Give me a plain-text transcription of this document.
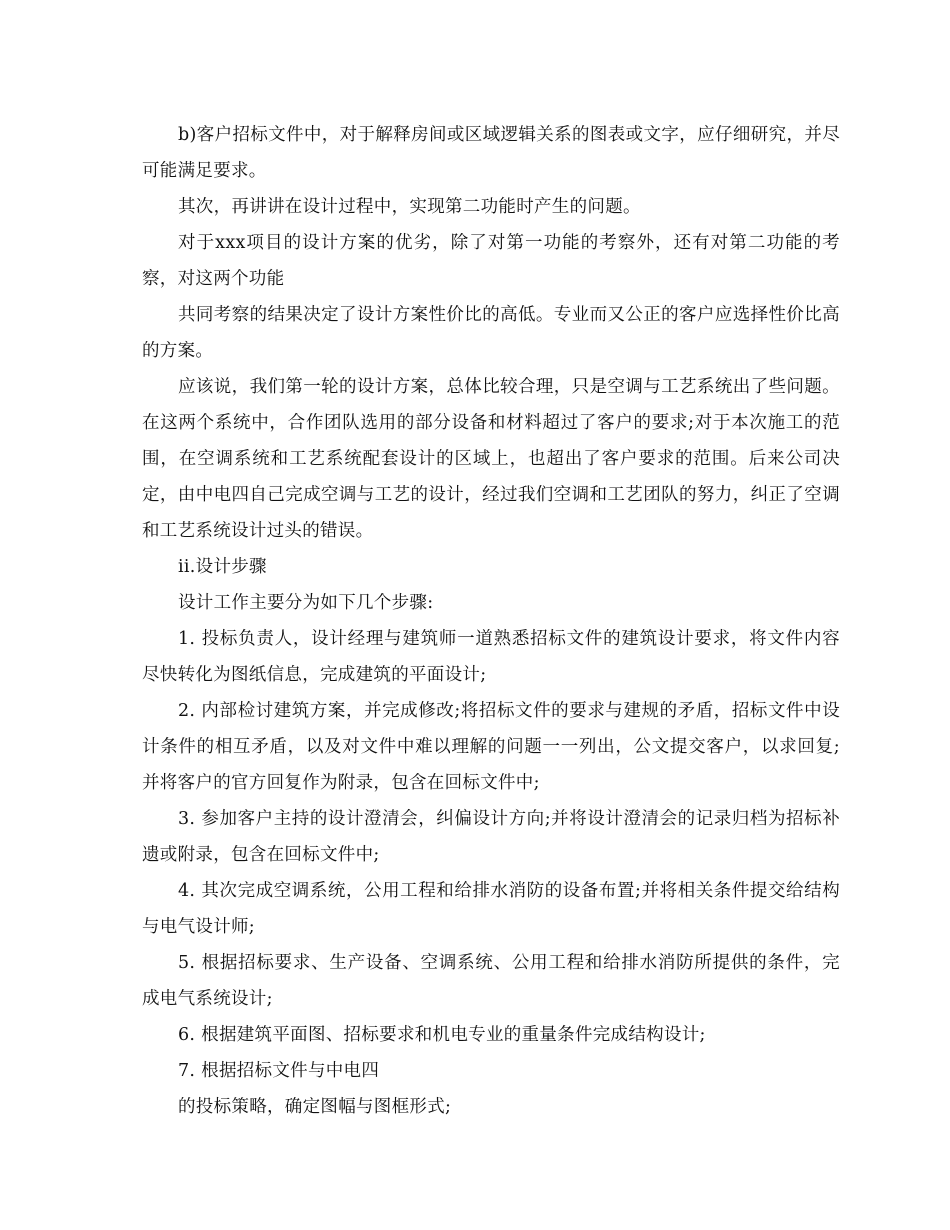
b)客户招标文件中，对于解释房间或区域逻辑关系的图表或文字，应仔细研究，并尽可能满足要求。

其次，再讲讲在设计过程中，实现第二功能时产生的问题。

对于xxx项目的设计方案的优劣，除了对第一功能的考察外，还有对第二功能的考察，对这两个功能

共同考察的结果决定了设计方案性价比的高低。专业而又公正的客户应选择性价比高的方案。

应该说，我们第一轮的设计方案，总体比较合理，只是空调与工艺系统出了些问题。在这两个系统中，合作团队选用的部分设备和材料超过了客户的要求;对于本次施工的范围，在空调系统和工艺系统配套设计的区域上，也超出了客户要求的范围。后来公司决定，由中电四自己完成空调与工艺的设计，经过我们空调和工艺团队的努力，纠正了空调和工艺系统设计过头的错误。

ii.设计步骤

设计工作主要分为如下几个步骤:

1. 投标负责人，设计经理与建筑师一道熟悉招标文件的建筑设计要求，将文件内容尽快转化为图纸信息，完成建筑的平面设计;

2. 内部检讨建筑方案，并完成修改;将招标文件的要求与建规的矛盾，招标文件中设计条件的相互矛盾，以及对文件中难以理解的问题一一列出，公文提交客户，以求回复;并将客户的官方回复作为附录，包含在回标文件中;

3. 参加客户主持的设计澄清会，纠偏设计方向;并将设计澄清会的记录归档为招标补遗或附录，包含在回标文件中;

4. 其次完成空调系统，公用工程和给排水消防的设备布置;并将相关条件提交给结构与电气设计师;

5. 根据招标要求、生产设备、空调系统、公用工程和给排水消防所提供的条件，完成电气系统设计;

6. 根据建筑平面图、招标要求和机电专业的重量条件完成结构设计;

7. 根据招标文件与中电四

的投标策略，确定图幅与图框形式;
